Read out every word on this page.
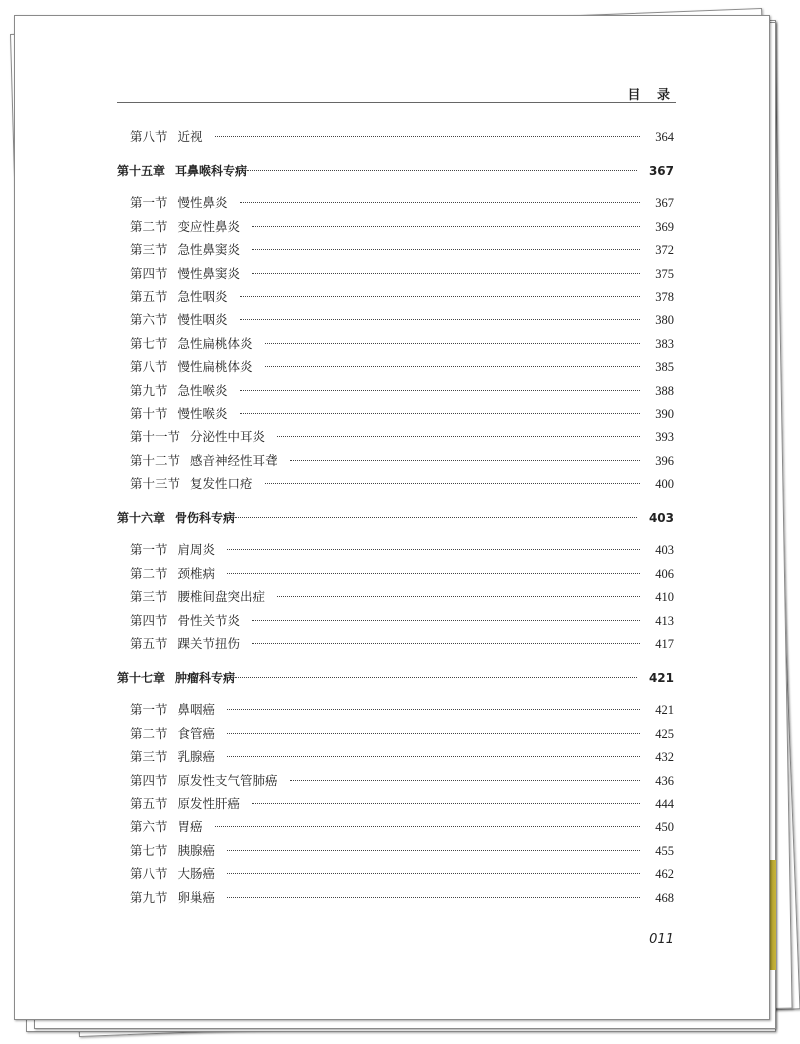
目 录
第八节 近视	364
第十五章 耳鼻喉科专病	367
第一节 慢性鼻炎	367
第二节 变应性鼻炎	369
第三节 急性鼻窦炎	372
第四节 慢性鼻窦炎	375
第五节 急性咽炎	378
第六节 慢性咽炎	380
第七节 急性扁桃体炎	383
第八节 慢性扁桃体炎	385
第九节 急性喉炎	388
第十节 慢性喉炎	390
第十一节 分泌性中耳炎	393
第十二节 感音神经性耳聋	396
第十三节 复发性口疮	400
第十六章 骨伤科专病	403
第一节 肩周炎	403
第二节 颈椎病	406
第三节 腰椎间盘突出症	410
第四节 骨性关节炎	413
第五节 踝关节扭伤	417
第十七章 肿瘤科专病	421
第一节 鼻咽癌	421
第二节 食管癌	425
第三节 乳腺癌	432
第四节 原发性支气管肺癌	436
第五节 原发性肝癌	444
第六节 胃癌	450
第七节 胰腺癌	455
第八节 大肠癌	462
第九节 卵巢癌	468
011
